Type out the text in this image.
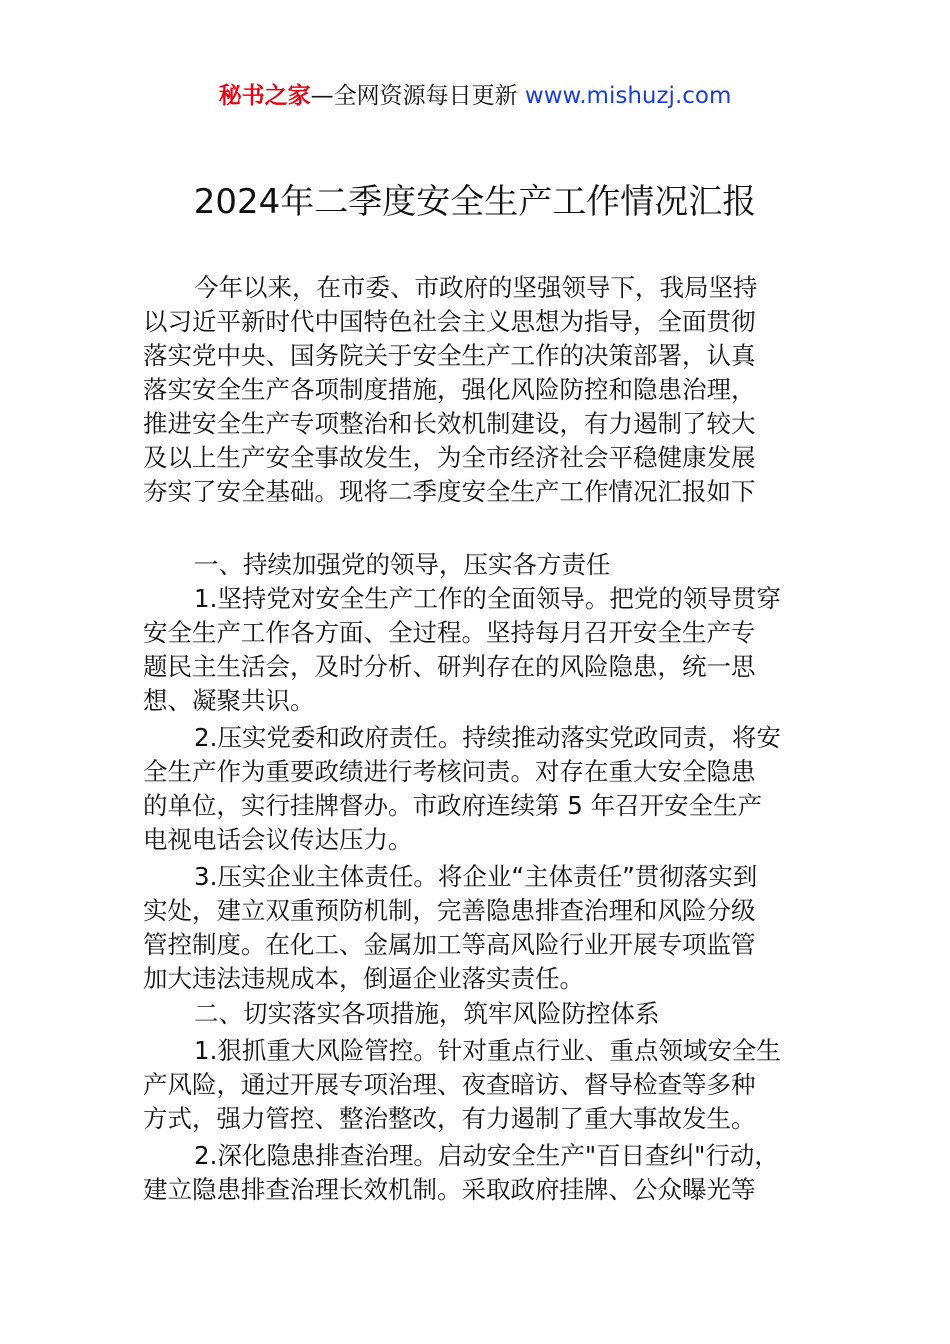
秘书之家—全网资源每日更新 www.mishuzj.com
2024年二季度安全生产工作情况汇报
今年以来，在市委、市政府的坚强领导下，我局坚持
以习近平新时代中国特色社会主义思想为指导，全面贯彻
落实党中央、国务院关于安全生产工作的决策部署，认真
落实安全生产各项制度措施，强化风险防控和隐患治理，
推进安全生产专项整治和长效机制建设，有力遏制了较大
及以上生产安全事故发生，为全市经济社会平稳健康发展
夯实了安全基础。现将二季度安全生产工作情况汇报如下
一、持续加强党的领导，压实各方责任
1.坚持党对安全生产工作的全面领导。把党的领导贯穿
安全生产工作各方面、全过程。坚持每月召开安全生产专
题民主生活会，及时分析、研判存在的风险隐患，统一思
想、凝聚共识。
2.压实党委和政府责任。持续推动落实党政同责，将安
全生产作为重要政绩进行考核问责。对存在重大安全隐患
的单位，实行挂牌督办。市政府连续第 5 年召开安全生产
电视电话会议传达压力。
3.压实企业主体责任。将企业“主体责任”贯彻落实到
实处，建立双重预防机制，完善隐患排查治理和风险分级
管控制度。在化工、金属加工等高风险行业开展专项监管
加大违法违规成本，倒逼企业落实责任。
二、切实落实各项措施，筑牢风险防控体系
1.狠抓重大风险管控。针对重点行业、重点领域安全生
产风险，通过开展专项治理、夜查暗访、督导检查等多种
方式，强力管控、整治整改，有力遏制了重大事故发生。
2.深化隐患排查治理。启动安全生产"百日查纠"行动，
建立隐患排查治理长效机制。采取政府挂牌、公众曝光等
